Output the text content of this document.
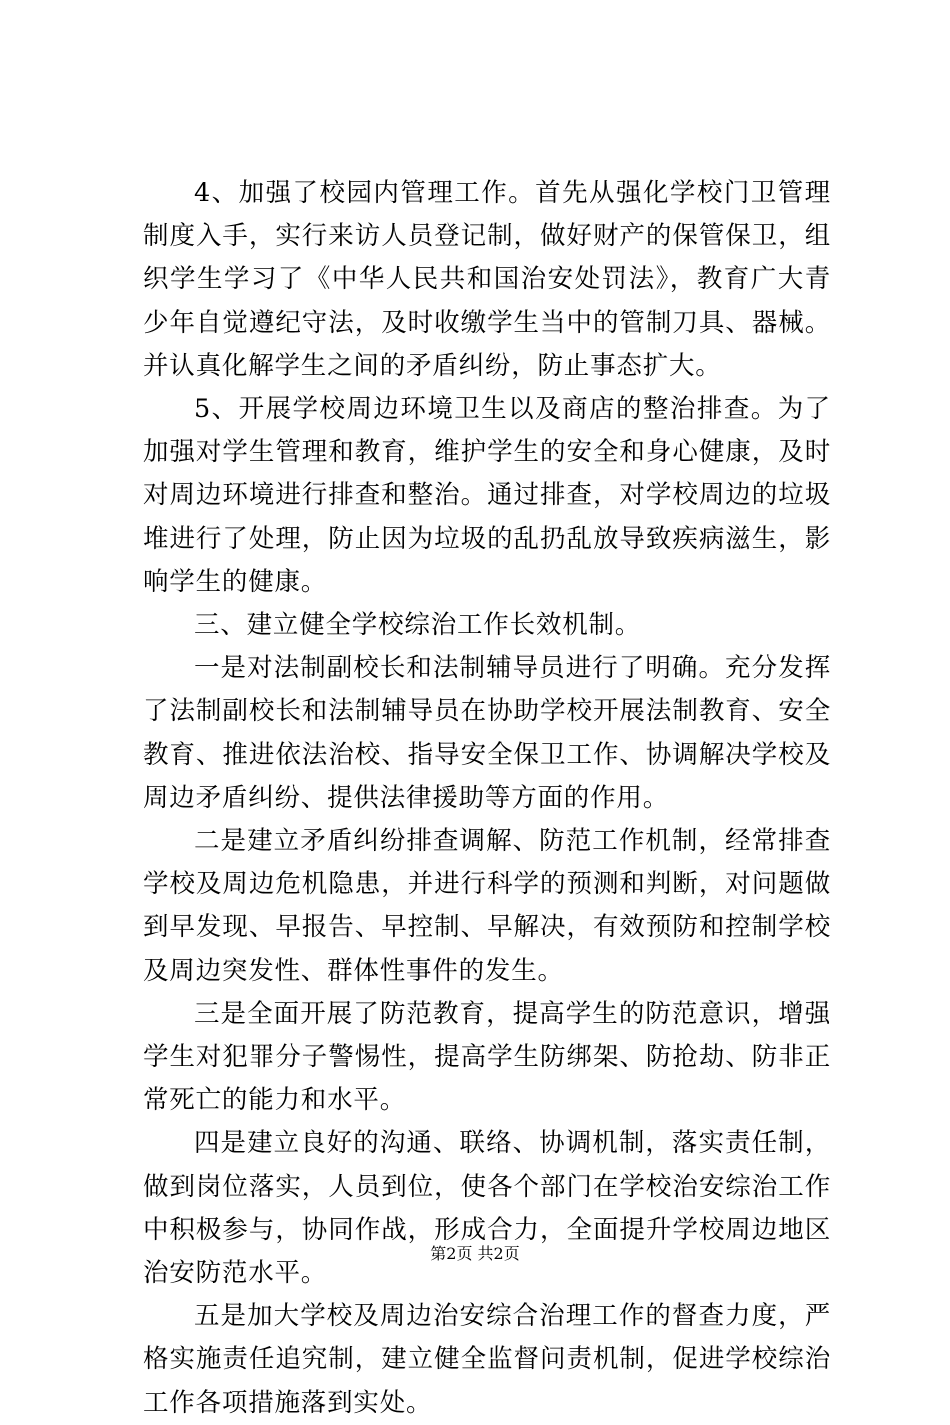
4、加强了校园内管理工作。首先从强化学校门卫管理制度入手，实行来访人员登记制，做好财产的保管保卫，组织学生学习了《中华人民共和国治安处罚法》，教育广大青少年自觉遵纪守法，及时收缴学生当中的管制刀具、器械。并认真化解学生之间的矛盾纠纷，防止事态扩大。

5、开展学校周边环境卫生以及商店的整治排查。为了加强对学生管理和教育，维护学生的安全和身心健康，及时对周边环境进行排查和整治。通过排查，对学校周边的垃圾堆进行了处理，防止因为垃圾的乱扔乱放导致疾病滋生，影响学生的健康。

三、建立健全学校综治工作长效机制。

一是对法制副校长和法制辅导员进行了明确。充分发挥了法制副校长和法制辅导员在协助学校开展法制教育、安全教育、推进依法治校、指导安全保卫工作、协调解决学校及周边矛盾纠纷、提供法律援助等方面的作用。

二是建立矛盾纠纷排查调解、防范工作机制，经常排查学校及周边危机隐患，并进行科学的预测和判断，对问题做到早发现、早报告、早控制、早解决，有效预防和控制学校及周边突发性、群体性事件的发生。

三是全面开展了防范教育，提高学生的防范意识，增强学生对犯罪分子警惕性，提高学生防绑架、防抢劫、防非正常死亡的能力和水平。

四是建立良好的沟通、联络、协调机制，落实责任制，做到岗位落实，人员到位，使各个部门在学校治安综治工作中积极参与，协同作战，形成合力，全面提升学校周边地区治安防范水平。

五是加大学校及周边治安综合治理工作的督查力度，严格实施责任追究制，建立健全监督问责机制，促进学校综治工作各项措施落到实处。

第2页 共2页
